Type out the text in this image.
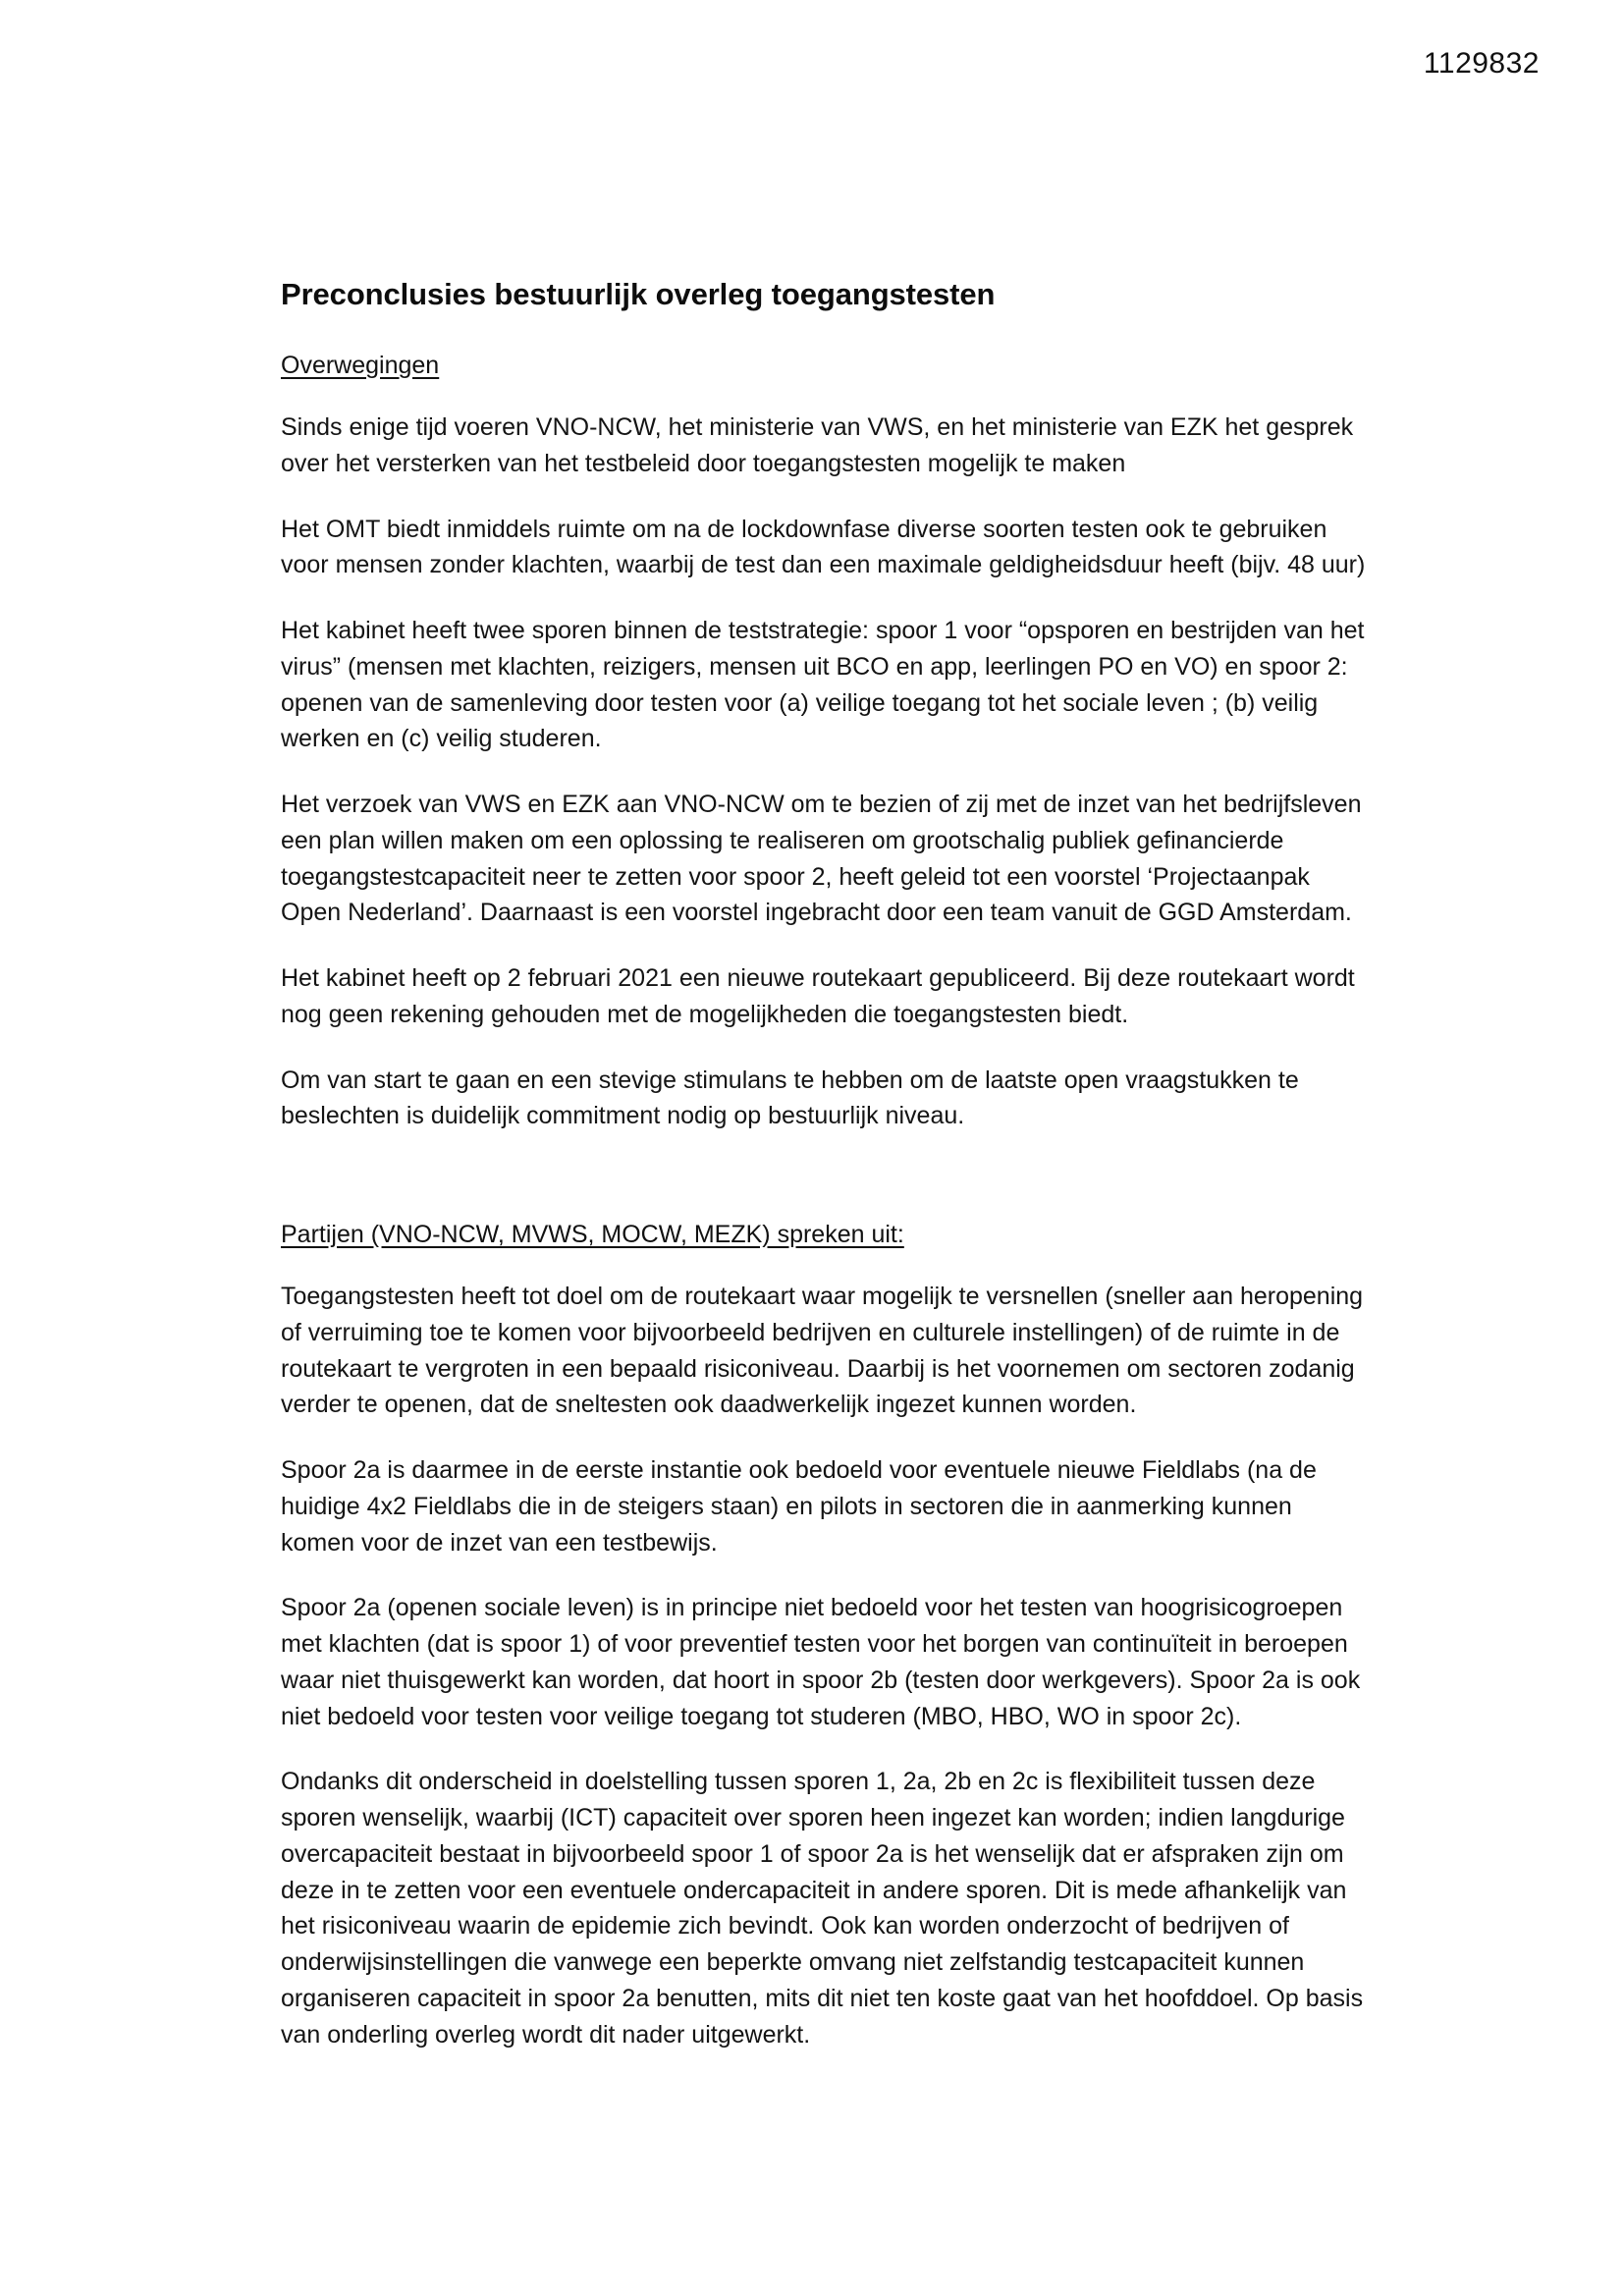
1129832
Preconclusies bestuurlijk overleg toegangstesten
Overwegingen

Sinds enige tijd voeren VNO-NCW, het ministerie van VWS, en het ministerie van EZK het gesprek over het versterken van het testbeleid door toegangstesten mogelijk te maken

Het OMT biedt inmiddels ruimte om na de lockdownfase diverse soorten testen ook te gebruiken voor mensen zonder klachten, waarbij de test dan een maximale geldigheidsduur heeft (bijv. 48 uur)

Het kabinet heeft twee sporen binnen de teststrategie: spoor 1 voor “opsporen en bestrijden van het virus” (mensen met klachten, reizigers, mensen uit BCO en app, leerlingen PO en VO) en spoor 2: openen van de samenleving door testen voor (a) veilige toegang tot het sociale leven ; (b) veilig werken en (c) veilig studeren.

Het verzoek van VWS en EZK aan VNO-NCW om te bezien of zij met de inzet van het bedrijfsleven een plan willen maken om een oplossing te realiseren om grootschalig publiek gefinancierde toegangstestcapaciteit neer te zetten voor spoor 2, heeft geleid tot een voorstel ‘Projectaanpak Open Nederland’. Daarnaast is een voorstel ingebracht door een team vanuit de GGD Amsterdam.

Het kabinet heeft op 2 februari 2021 een nieuwe routekaart gepubliceerd. Bij deze routekaart wordt nog geen rekening gehouden met de mogelijkheden die toegangstesten biedt.

Om van start te gaan en een stevige stimulans te hebben om de laatste open vraagstukken te beslechten is duidelijk commitment nodig op bestuurlijk niveau.

Partijen (VNO-NCW, MVWS, MOCW, MEZK) spreken uit:

Toegangstesten heeft tot doel om de routekaart waar mogelijk te versnellen (sneller aan heropening of verruiming toe te komen voor bijvoorbeeld bedrijven en culturele instellingen) of de ruimte in de routekaart te vergroten in een bepaald risiconiveau. Daarbij is het voornemen om sectoren zodanig verder te openen, dat de sneltesten ook daadwerkelijk ingezet kunnen worden.

Spoor 2a is daarmee in de eerste instantie ook bedoeld voor eventuele nieuwe Fieldlabs (na de huidige 4x2 Fieldlabs die in de steigers staan) en pilots in sectoren die in aanmerking kunnen komen voor de inzet van een testbewijs.

Spoor 2a (openen sociale leven) is in principe niet bedoeld voor het testen van hoogrisicogroepen met klachten (dat is spoor 1) of voor preventief testen voor het borgen van continuïteit in beroepen waar niet thuisgewerkt kan worden, dat hoort in spoor 2b (testen door werkgevers). Spoor 2a is ook niet bedoeld voor testen voor veilige toegang tot studeren (MBO, HBO, WO in spoor 2c).

Ondanks dit onderscheid in doelstelling tussen sporen 1, 2a, 2b en 2c is flexibiliteit tussen deze sporen wenselijk, waarbij (ICT) capaciteit over sporen heen ingezet kan worden; indien langdurige overcapaciteit bestaat in bijvoorbeeld spoor 1 of spoor 2a is het wenselijk dat er afspraken zijn om deze in te zetten voor een eventuele ondercapaciteit in andere sporen. Dit is mede afhankelijk van het risiconiveau waarin de epidemie zich bevindt. Ook kan worden onderzocht of bedrijven of onderwijsinstellingen die vanwege een beperkte omvang niet zelfstandig testcapaciteit kunnen organiseren capaciteit in spoor 2a benutten, mits dit niet ten koste gaat van het hoofddoel. Op basis van onderling overleg wordt dit nader uitgewerkt.
